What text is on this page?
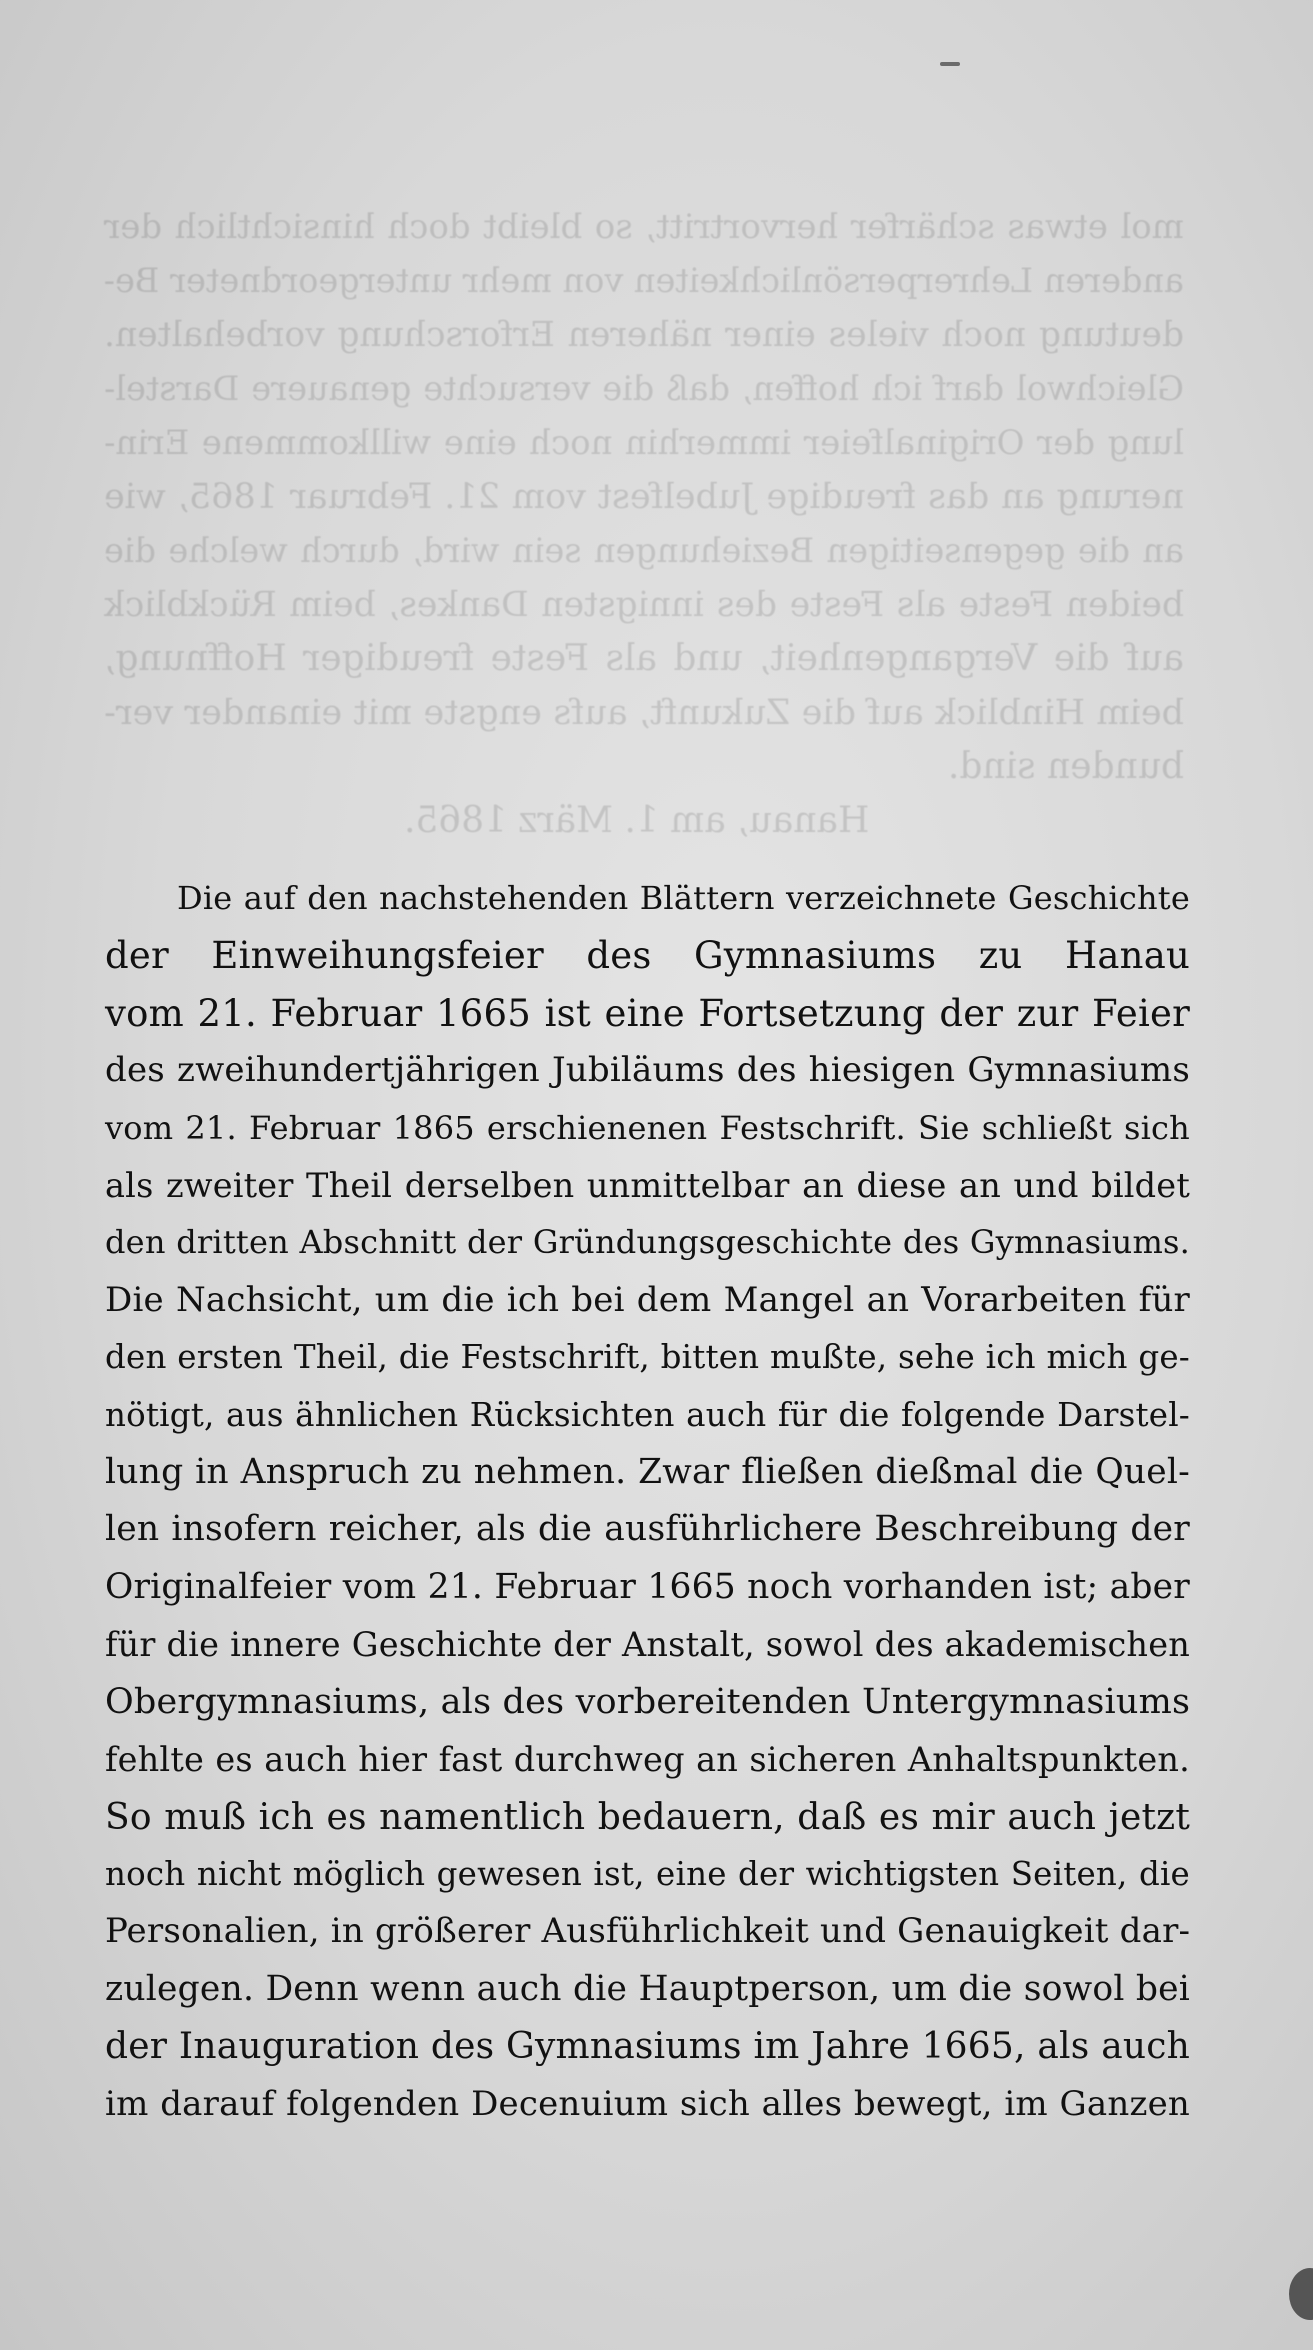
mol etwas schärfer hervortritt, so bleibt doch hinsichtlich der
anderen Lehrerpersönlichkeiten von mehr untergeordneter Be-
deutung noch vieles einer näheren Erforschung vorbehalten.
Gleichwol darf ich hoffen, daß die versuchte genauere Darstel-
lung der Originalfeier immerhin noch eine willkommene Erin-
nerung an das freudige Jubelfest vom 21. Februar 1865, wie
an die gegenseitigen Beziehungen sein wird, durch welche die
beiden Feste als Feste des innigsten Dankes, beim Rückblick
auf die Vergangenheit, und als Feste freudiger Hoffnung,
beim Hinblick auf die Zukunft, aufs engste mit einander ver-
bunden sind.
Hanau, am 1. März 1865.
Die auf den nachstehenden Blättern verzeichnete Geschichte
der Einweihungsfeier des Gymnasiums zu Hanau
vom 21. Februar 1665 ist eine Fortsetzung der zur Feier
des zweihundertjährigen Jubiläums des hiesigen Gymnasiums
vom 21. Februar 1865 erschienenen Festschrift. Sie schließt sich
als zweiter Theil derselben unmittelbar an diese an und bildet
den dritten Abschnitt der Gründungsgeschichte des Gymnasiums.
Die Nachsicht, um die ich bei dem Mangel an Vorarbeiten für
den ersten Theil, die Festschrift, bitten mußte, sehe ich mich ge-
nötigt, aus ähnlichen Rücksichten auch für die folgende Darstel-
lung in Anspruch zu nehmen. Zwar fließen dießmal die Quel-
len insofern reicher, als die ausführlichere Beschreibung der
Originalfeier vom 21. Februar 1665 noch vorhanden ist; aber
für die innere Geschichte der Anstalt, sowol des akademischen
Obergymnasiums, als des vorbereitenden Untergymnasiums
fehlte es auch hier fast durchweg an sicheren Anhaltspunkten.
So muß ich es namentlich bedauern, daß es mir auch jetzt
noch nicht möglich gewesen ist, eine der wichtigsten Seiten, die
Personalien, in größerer Ausführlichkeit und Genauigkeit dar-
zulegen. Denn wenn auch die Hauptperson, um die sowol bei
der Inauguration des Gymnasiums im Jahre 1665, als auch
im darauf folgenden Decenuium sich alles bewegt, im Ganzen
